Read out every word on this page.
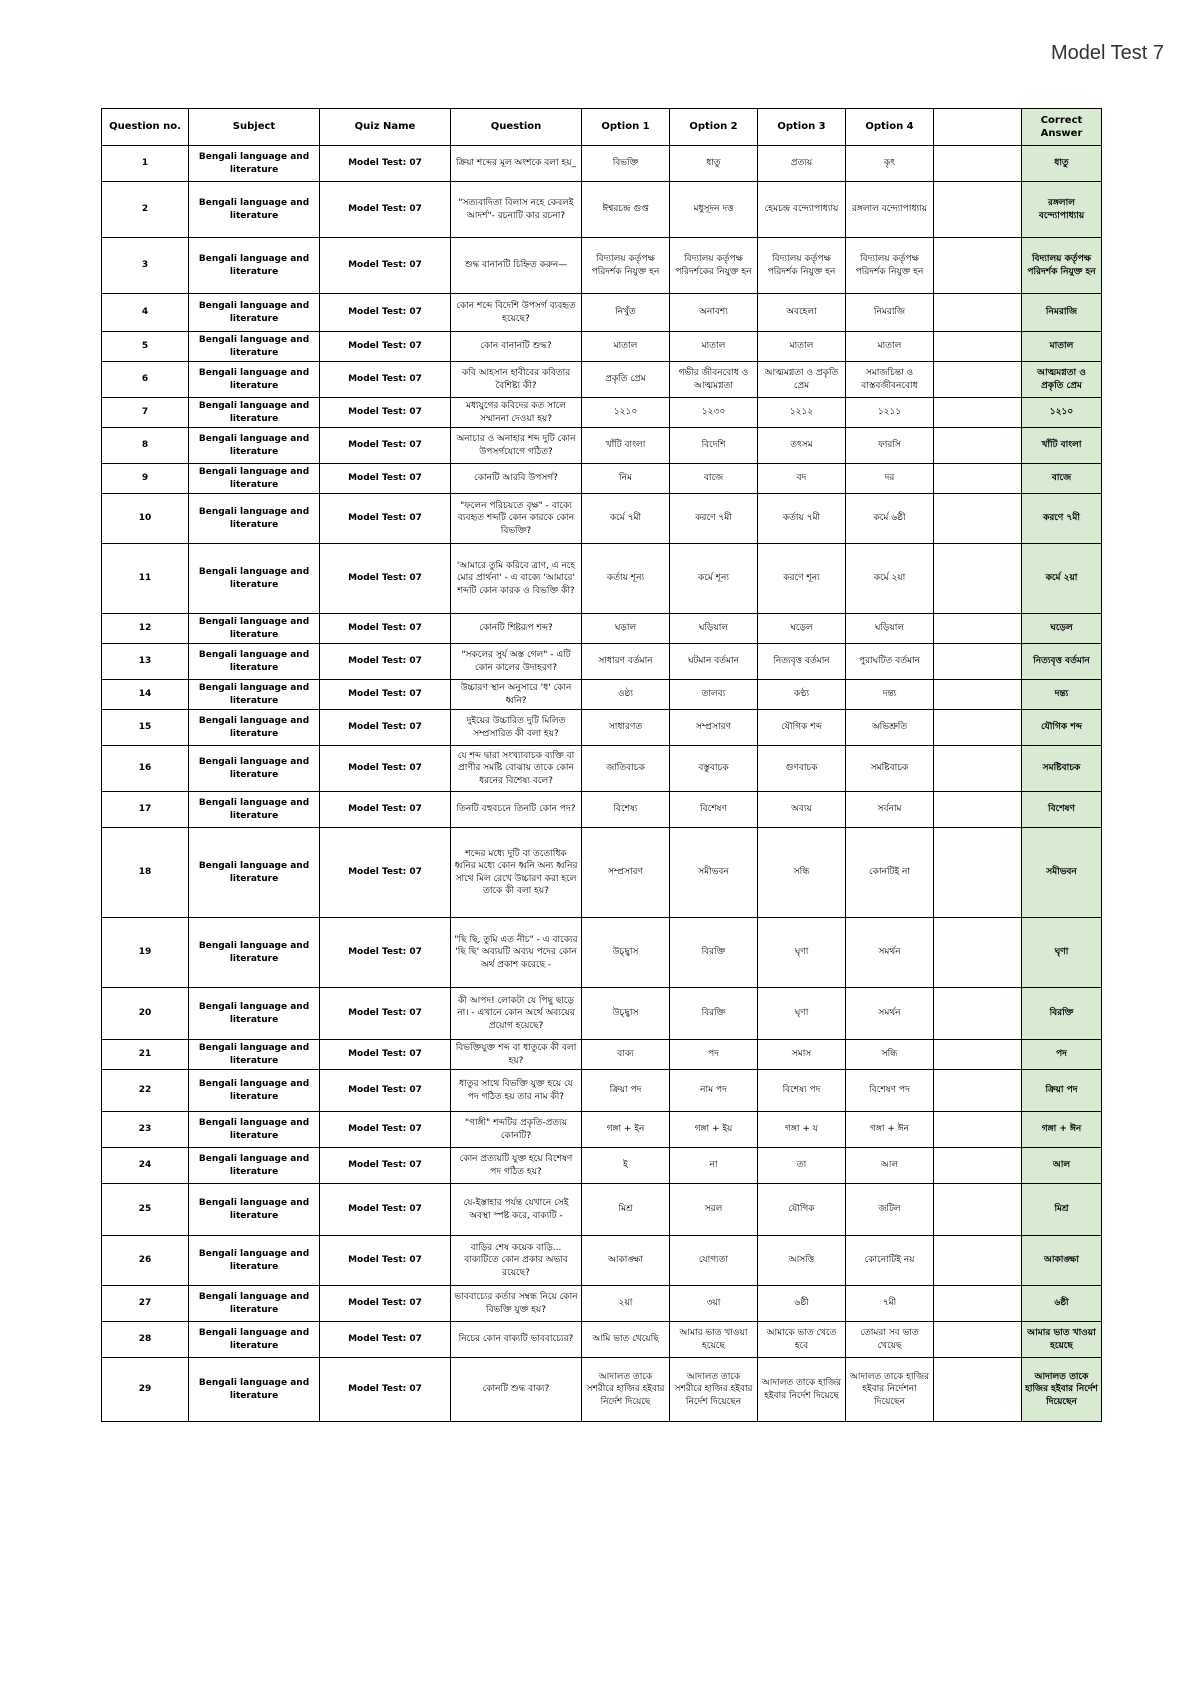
Model Test 7
Question no.	Subject	Quiz Name	Question	Option 1	Option 2	Option 3	Option 4		Correct Answer
1	Bengali language and literature	Model Test: 07	ক্রিয়া শব্দের মূল অংশকে বলা হয়_	বিভক্তি	ধাতু	প্রত্যয়	কৃৎ		ধাতু
2	Bengali language and literature	Model Test: 07	"সত্যবাদিতা বিলাস নহে কেবলই আদর্শ"- রচনাটি কার রচনা?	ঈশ্বরচন্দ্র গুপ্ত	মধুসূদন দত্ত	হেমচন্দ্র বন্দ্যোপাধ্যায়	রঙ্গলাল বন্দ্যোপাধ্যায়		রঙ্গলাল বন্দ্যোপাধ্যায়
3	Bengali language and literature	Model Test: 07	শুদ্ধ বানানটি চিহ্নিত করুন—	বিদ্যালয় কর্তৃপক্ষ পরিদর্শক নিযুক্ত হন	বিদ্যালয় কর্তৃপক্ষ পরিদর্শকের নিযুক্ত হন	বিদ্যালয় কর্তৃপক্ষ পরিদর্শক নিযুক্ত হন	বিদ্যালয় কর্তৃপক্ষ পরিদর্শক নিযুক্ত হন		বিদ্যালয় কর্তৃপক্ষ পরিদর্শক নিযুক্ত হন
4	Bengali language and literature	Model Test: 07	কোন শব্দে বিদেশি উপসর্গ ব্যবহৃত হয়েছে?	নিখুঁত	অনাবশ্য	অবহেলা	নিমরাজি		নিমরাজি
5	Bengali language and literature	Model Test: 07	কোন বানানটি শুদ্ধ?	মাতাল	মাতাল	মাতাল	মাতাল		মাতাল
6	Bengali language and literature	Model Test: 07	কবি আহসান হাবীবের কবিতার বৈশিষ্ট্য কী?	প্রকৃতি প্রেম	গভীর জীবনবোধ ও আত্মমগ্নতা	আত্মমগ্নতা ও প্রকৃতি প্রেম	সমাজচিন্তা ও বাস্তবজীবনবোধ		আত্মমগ্নতা ও প্রকৃতি প্রেম
7	Bengali language and literature	Model Test: 07	মধ্যযুগের কবিদের কত সালে সম্মাননা দেওয়া হয়?	১২১০	১২৩০	১২১২	১২১১		১২১০
8	Bengali language and literature	Model Test: 07	অনাচার ও অনাহার শব্দ দুটি কোন উপসর্গযোগে গঠিত?	খাঁটি বাংলা	বিদেশি	তৎসম	ফারসি		খাঁটি বাংলা
9	Bengali language and literature	Model Test: 07	কোনটি আরবি উপসর্গ?	নিম	বাজে	বদ	দর		বাজে
10	Bengali language and literature	Model Test: 07	"ফলেন পরিচয়তে বৃক্ষ" - বাক্যে ব্যবহৃত শব্দটি কোন কারকে কোন বিভক্তি?	কর্মে ৭মী	করণে ৭মী	কর্তায় ৭মী	কর্মে ৬ষ্ঠী		করণে ৭মী
11	Bengali language and literature	Model Test: 07	'আমারে তুমি করিবে ত্রাণ, এ নহে মোর প্রার্থনা' - এ বাক্যে 'আমারে' শব্দটি কোন কারক ও বিভক্তি কী?	কর্তায় শূন্য	কর্মে শূন্য	করণে শূন্য	কর্মে ২য়া		কর্মে ২য়া
12	Bengali language and literature	Model Test: 07	কোনটি শিষ্টরূপ শব্দ?	ঘড়াল	ঘড়িয়াল	ঘড়েল	ঘড়িয়াল		ঘড়েল
13	Bengali language and literature	Model Test: 07	"সকলের সুর্য অস্ত গেল" - এটি কোন কালের উদাহরণ?	সাধারণ বর্তমান	ঘটমান বর্তমান	নিত্যবৃত্ত বর্তমান	পুরাঘটিত বর্তমান		নিত্যবৃত্ত বর্তমান
14	Bengali language and literature	Model Test: 07	উচ্চারণ স্থান অনুসারে 'ধ' কোন ধ্বনি?	ওষ্ঠ্য	তালব্য	কণ্ঠ্য	দন্ত্য		দন্ত্য
15	Bengali language and literature	Model Test: 07	দুইয়ের উচ্চারিত দুটি মিলিত সম্প্রসারিত কী বলা হয়?	সাধারণত	সম্প্রসারণ	যৌগিক শব্দ	অভিশ্রুতি		যৌগিক শব্দ
16	Bengali language and literature	Model Test: 07	যে শব্দ দ্বারা সংখ্যাবাচক ব্যক্তি বা প্রাণীর সমষ্টি বোঝায় তাকে কোন ধরনের বিশেষ্য বলে?	জাতিবাচক	বস্তুবাচক	গুণবাচক	সমষ্টিবাচক		সমষ্টিবাচক
17	Bengali language and literature	Model Test: 07	তিনটি বহুবচনে তিনটি কোন পদ?	বিশেষ্য	বিশেষণ	অব্যয়	সর্বনাম		বিশেষণ
18	Bengali language and literature	Model Test: 07	শব্দের মধ্যে দুটি বা ততোধিক ধ্বনির মধ্যে কোন ধ্বনি অন্য ধ্বনির সাথে মিল রেখে উচ্চারণ করা হলে তাকে কী বলা হয়?	সম্প্রসারণ	সমীভবন	সন্ধি	কোনটিই না		সমীভবন
19	Bengali language and literature	Model Test: 07	"ছি ছি, তুমি এত নীচ" - এ বাক্যের 'ছি ছি' অব্যয়টি অব্যয় পদের কোন অর্থ প্রকাশ করেছে -	উচ্ছ্বাস	বিরক্তি	ঘৃণা	সমর্থন		ঘৃণা
20	Bengali language and literature	Model Test: 07	কী আপদ! লোকটা যে পিছু ছাড়ে না। - এখানে কোন অর্থে অব্যয়ের প্রয়োগ হয়েছে?	উচ্ছ্বাস	বিরক্তি	ঘৃণা	সমর্থন		বিরক্তি
21	Bengali language and literature	Model Test: 07	বিভক্তিযুক্ত শব্দ বা ধাতুকে কী বলা হয়?	বাক্য	পদ	সমাস	সন্ধি		পদ
22	Bengali language and literature	Model Test: 07	ধাতুর সাথে বিভক্তি যুক্ত হয়ে যে পদ গঠিত হয় তার নাম কী?	ক্রিয়া পদ	নাম পদ	বিশেষ্য পদ	বিশেষণ পদ		ক্রিয়া পদ
23	Bengali language and literature	Model Test: 07	"গাঙ্গী" শব্দটির প্রকৃতি-প্রত্যয় কোনটি?	গঙ্গা + ইন	গঙ্গা + ইয়	গঙ্গা + য	গঙ্গা + ঈন		গঙ্গা + ঈন
24	Bengali language and literature	Model Test: 07	কোন প্রত্যয়টি যুক্ত হয়ে বিশেষণ পদ গঠিত হয়?	ই	না	তা	আল		আল
25	Bengali language and literature	Model Test: 07	যে-ইস্তাহার পর্যন্ত যেখানে সেই অবস্থা স্পষ্ট করে, বাক্যটি -	মিশ্র	সরল	যৌগিক	জটিল		মিশ্র
26	Bengali language and literature	Model Test: 07	বাড়ির শেষ কয়েক বাড়ি... বাক্যটিতে কোন প্রকার অভাব রয়েছে?	আকাঙ্ক্ষা	যোগ্যতা	আসত্তি	কোনোটিই নয়		আকাঙ্ক্ষা
27	Bengali language and literature	Model Test: 07	ভাববাচ্যের কর্তার সম্বন্ধ নিয়ে কোন বিভক্তি যুক্ত হয়?	২য়া	৩য়া	৬ষ্ঠী	৭মী		৬ষ্ঠী
28	Bengali language and literature	Model Test: 07	নিচের কোন বাক্যটি ভাববাচ্যের?	আমি ভাত খেয়েছি	আমার ভাত খাওয়া হয়েছে	আমাকে ভাত খেতে হবে	তোমরা সব ভাত খেয়েছ		আমার ভাত খাওয়া হয়েছে
29	Bengali language and literature	Model Test: 07	কোনটি শুদ্ধ বাক্য?	আদালত তাকে সশরীরে হাজির হইবার নির্দেশ দিয়েছে	আদালত তাকে সশরীরে হাজির হইবার নির্দেশ দিয়েছেন	আদালত তাকে হাজির হইবার নির্দেশ দিয়েছে	আদালত তাকে হাজির হইবার নির্দেশনা দিয়েছেন		আদালত তাকে হাজির হইবার নির্দেশ দিয়েছেন
